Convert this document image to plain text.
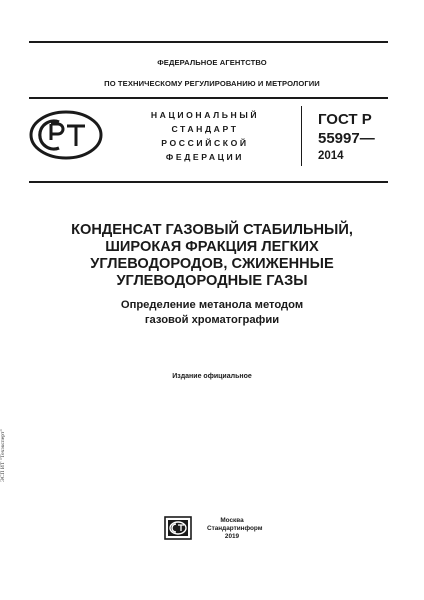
ФЕДЕРАЛЬНОЕ АГЕНТСТВО
ПО ТЕХНИЧЕСКОМУ РЕГУЛИРОВАНИЮ И МЕТРОЛОГИИ
НАЦИОНАЛЬНЫЙ
СТАНДАРТ
РОССИЙСКОЙ
ФЕДЕРАЦИИ
ГОСТ Р
55997—
2014
КОНДЕНСАТ ГАЗОВЫЙ СТАБИЛЬНЫЙ,
ШИРОКАЯ ФРАКЦИЯ ЛЕГКИХ
УГЛЕВОДОРОДОВ, СЖИЖЕННЫЕ
УГЛЕВОДОРОДНЫЕ ГАЗЫ
Определение метанола методом
газовой хроматографии
Издание официальное
Москва
Стандартинформ
2019
ЭСП ИТ "Техэксперт"
